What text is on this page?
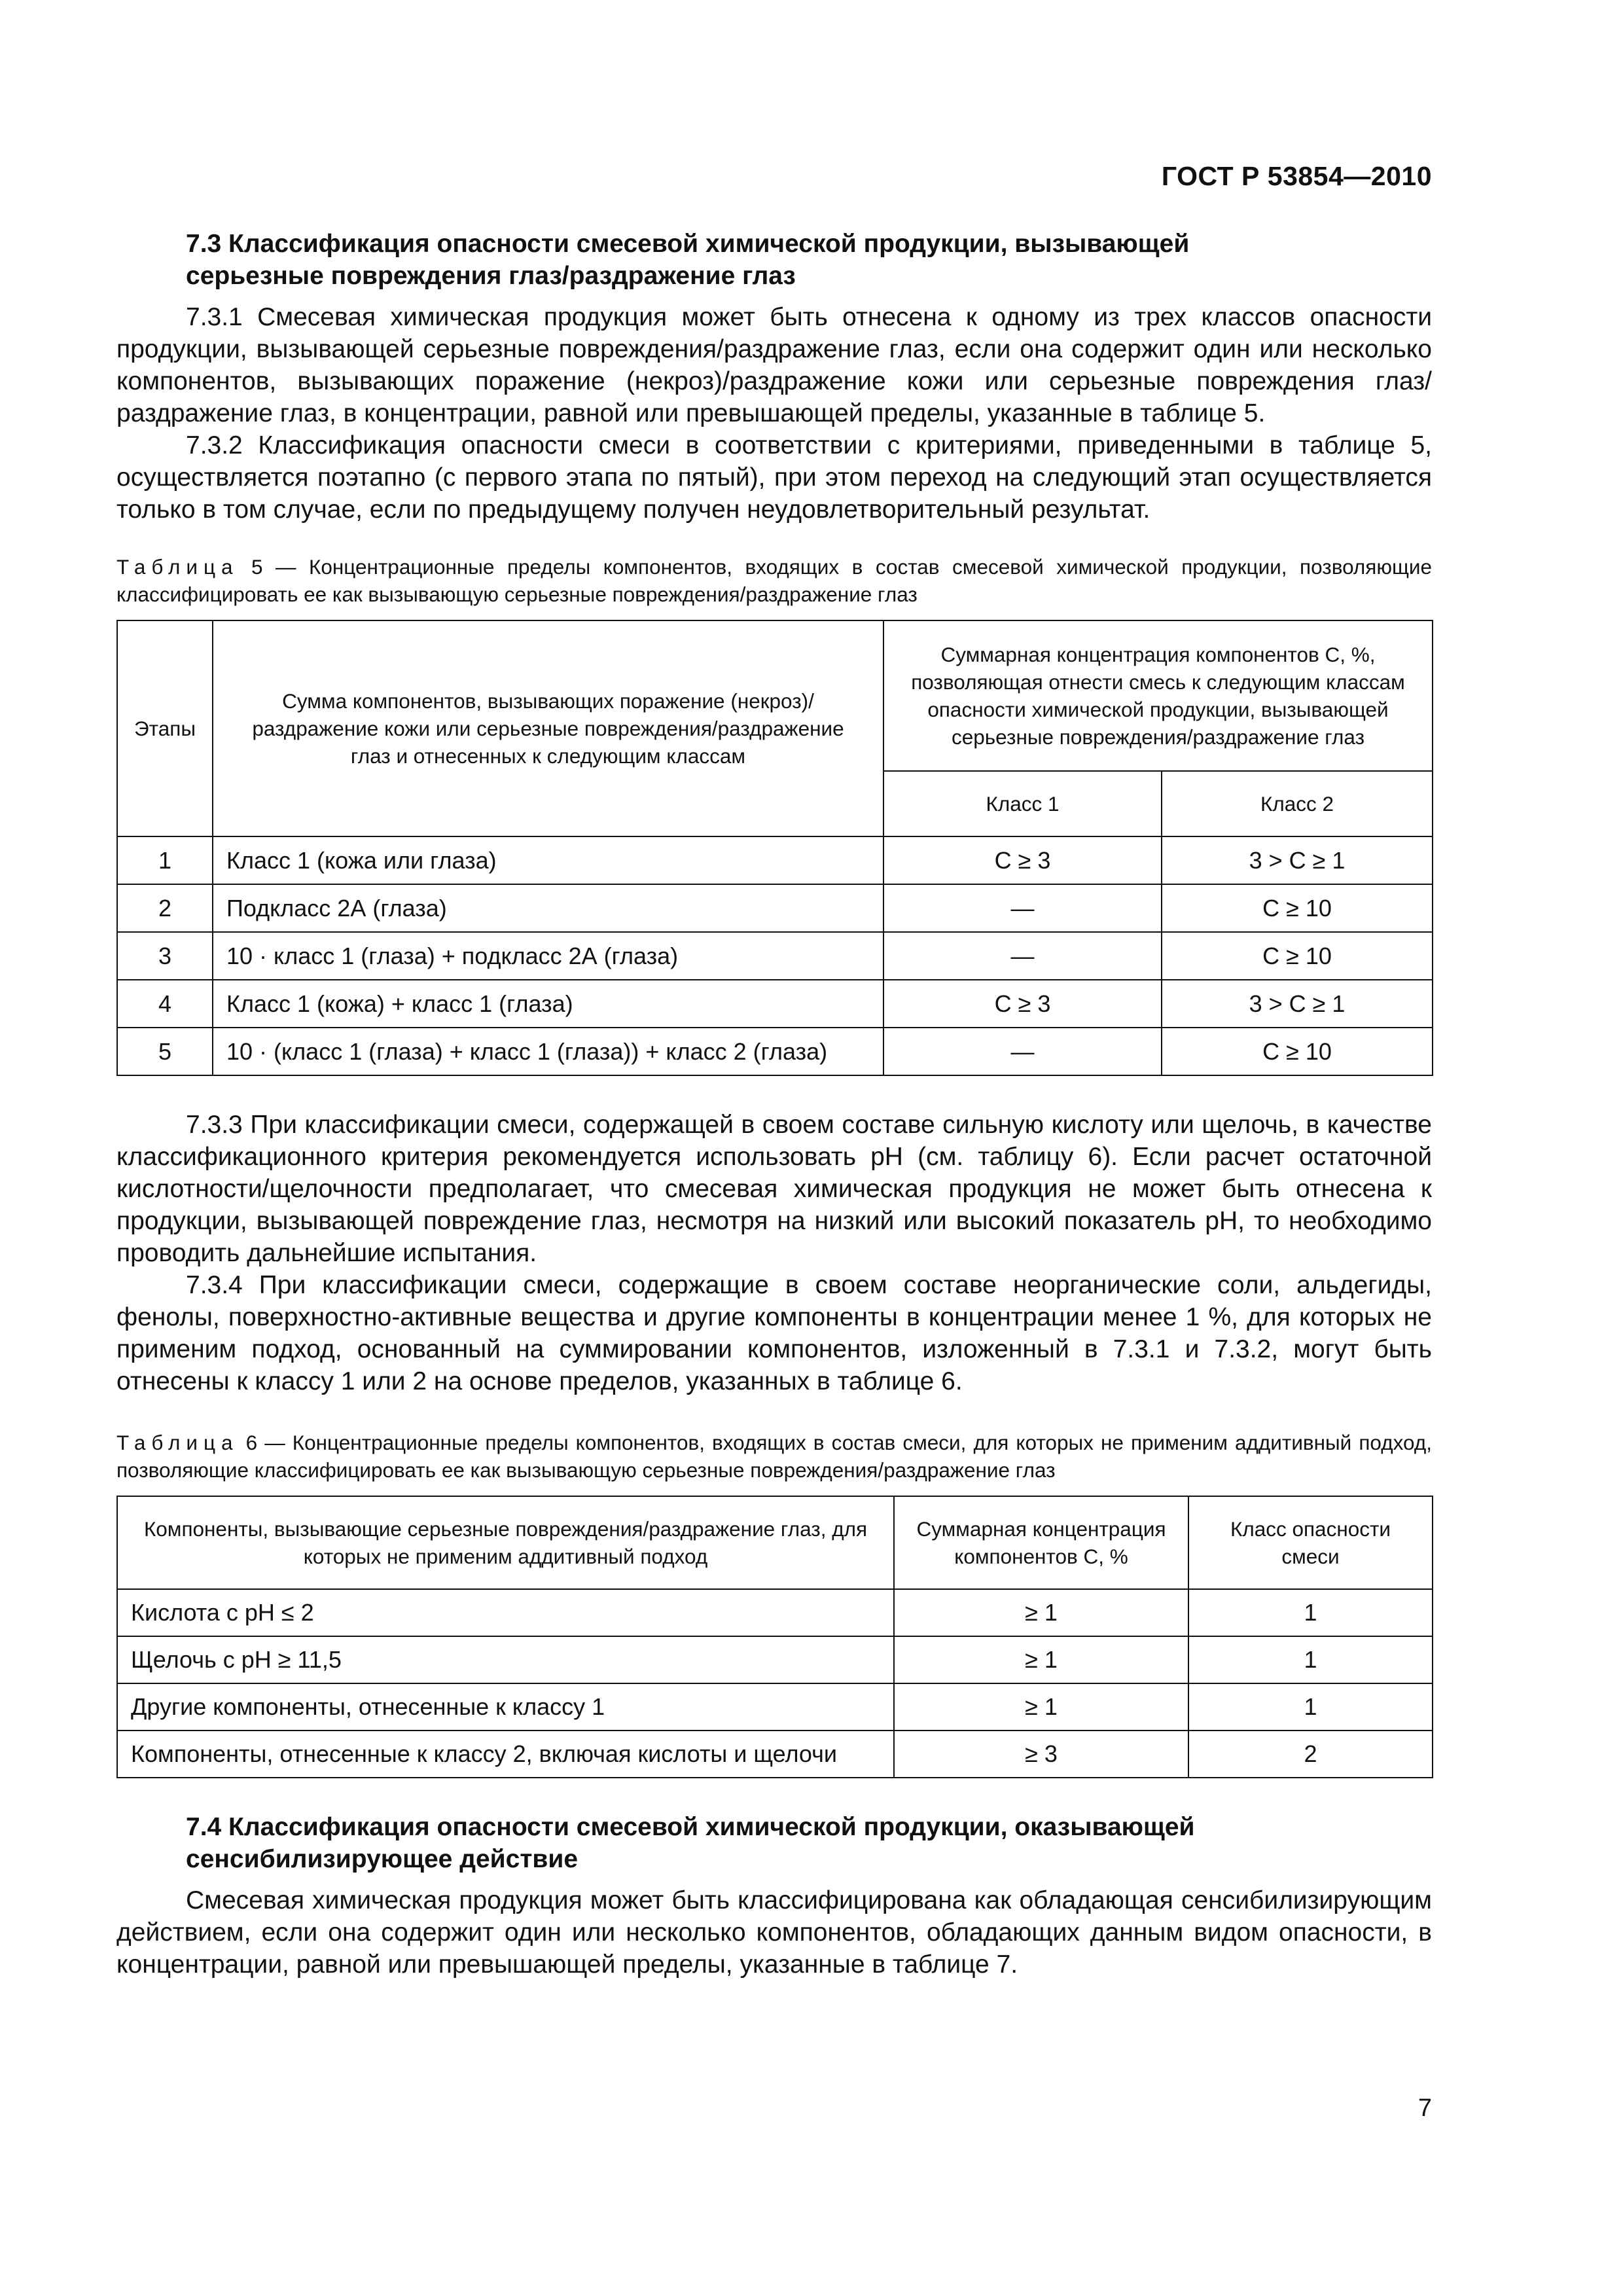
ГОСТ Р 53854—2010
7.3 Классификация опасности смесевой химической продукции, вызывающей
серьезные повреждения глаз/раздражение глаз

7.3.1 Смесевая химическая продукция может быть отнесена к одному из трех классов опасности продукции, вызывающей серьезные повреждения/раздражение глаз, если она содержит один или несколько компонентов, вызывающих поражение (некроз)/раздражение кожи или серьезные повреждения глаз/раздражение глаз, в концентрации, равной или превышающей пределы, указанные в таблице 5.

7.3.2 Классификация опасности смеси в соответствии с критериями, приведенными в таблице 5, осуществляется поэтапно (с первого этапа по пятый), при этом переход на следующий этап осуществляется только в том случае, если по предыдущему получен неудовлетворительный результат.

Таблица 5 — Концентрационные пределы компонентов, входящих в состав смесевой химической продукции, позволяющие классифицировать ее как вызывающую серьезные повреждения/раздражение глаз

Этапы	Сумма компонентов, вызывающих поражение (некроз)/раздражение кожи или серьезные повреждения/раздражение глаз и отнесенных к следующим классам	Суммарная концентрация компонентов С, %, позволяющая отнести смесь к следующим классам опасности химической продукции, вызывающей серьезные повреждения/раздражение глаз	
		Класс 1	Класс 2
1	Класс 1 (кожа или глаза)	C ≥ 3	3 > C ≥ 1
2	Подкласс 2А (глаза)	—	C ≥ 10
3	10 · класс 1 (глаза) + подкласс 2А (глаза)	—	C ≥ 10
4	Класс 1 (кожа) + класс 1 (глаза)	C ≥ 3	3 > C ≥ 1
5	10 · (класс 1 (глаза) + класс 1 (глаза)) + класс 2 (глаза)	—	C ≥ 10

7.3.3 При классификации смеси, содержащей в своем составе сильную кислоту или щелочь, в качестве классификационного критерия рекомендуется использовать pH (см. таблицу 6). Если расчет остаточной кислотности/щелочности предполагает, что смесевая химическая продукция не может быть отнесена к продукции, вызывающей повреждение глаз, несмотря на низкий или высокий показатель pH, то необходимо проводить дальнейшие испытания.

7.3.4 При классификации смеси, содержащие в своем составе неорганические соли, альдегиды, фенолы, поверхностно-активные вещества и другие компоненты в концентрации менее 1 %, для которых не применим подход, основанный на суммировании компонентов, изложенный в 7.3.1 и 7.3.2, могут быть отнесены к классу 1 или 2 на основе пределов, указанных в таблице 6.

Таблица 6 — Концентрационные пределы компонентов, входящих в состав смеси, для которых не применим аддитивный подход, позволяющие классифицировать ее как вызывающую серьезные повреждения/раздражение глаз

Компоненты, вызывающие серьезные повреждения/раздражение глаз, для которых не применим аддитивный подход	Суммарная концентрация компонентов С, %	Класс опасности смеси
Кислота с pH ≤ 2	≥ 1	1
Щелочь с pH ≥ 11,5	≥ 1	1
Другие компоненты, отнесенные к классу 1	≥ 1	1
Компоненты, отнесенные к классу 2, включая кислоты и щелочи	≥ 3	2
7.4 Классификация опасности смесевой химической продукции, оказывающей
сенсибилизирующее действие

Смесевая химическая продукция может быть классифицирована как обладающая сенсибилизирующим действием, если она содержит один или несколько компонентов, обладающих данным видом опасности, в концентрации, равной или превышающей пределы, указанные в таблице 7.

7
